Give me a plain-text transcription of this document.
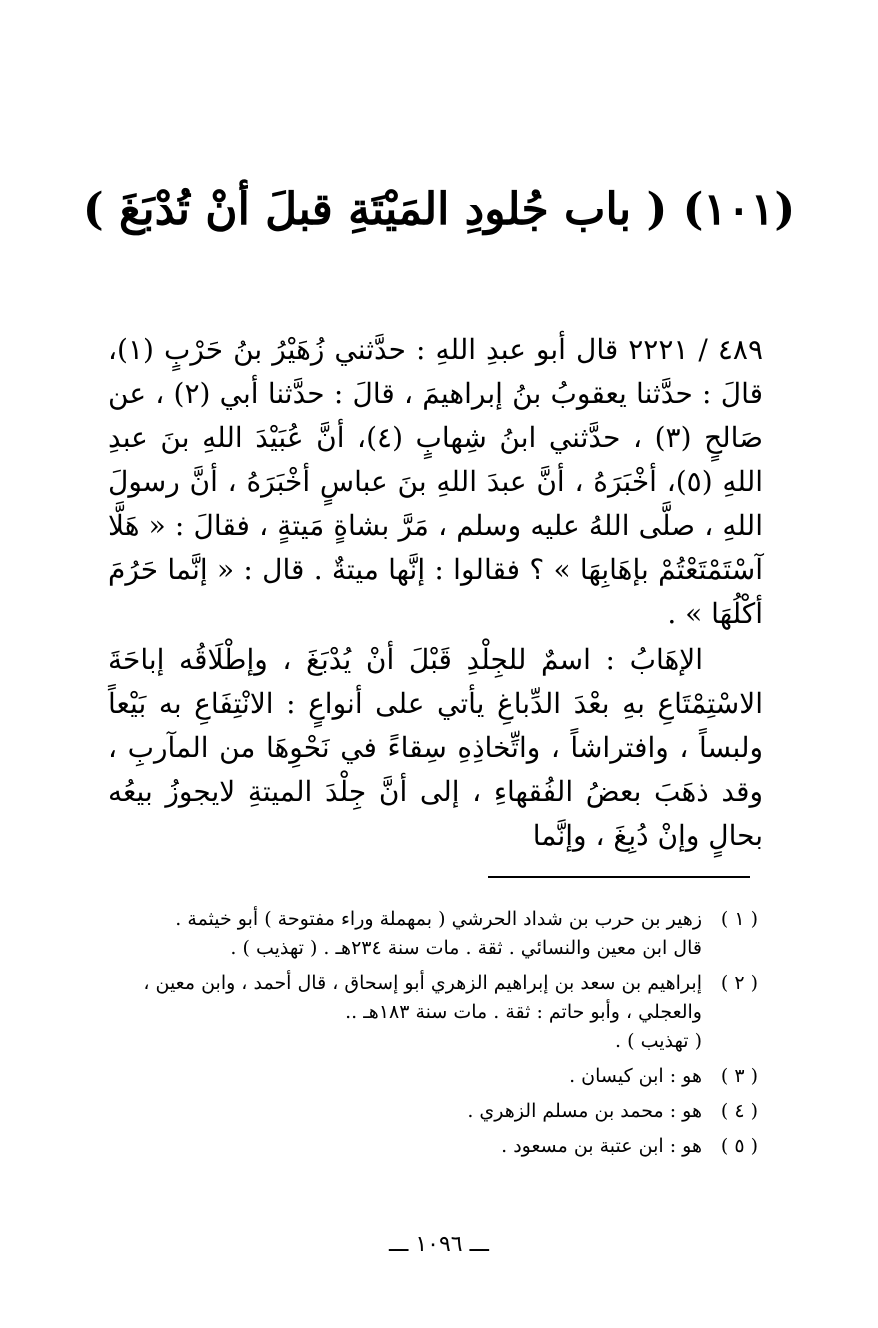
(١٠١) ( باب جُلودِ المَيْتَةِ قبلَ أنْ تُدْبَغَ )

٤٨٩ / ٢٢٢١ قال أبو عبدِ اللهِ : حدَّثني زُهَيْرُ بنُ حَرْبٍ (١)، قالَ : حدَّثنا يعقوبُ بنُ إبراهيمَ ، قالَ : حدَّثنا أبي (٢) ، عن صَالحٍ (٣) ، حدَّثني ابنُ شِهابٍ (٤)، أنَّ عُبَيْدَ اللهِ بنَ عبدِ اللهِ (٥)، أخْبَرَهُ ، أنَّ عبدَ اللهِ بنَ عباسٍ أخْبَرَهُ ، أنَّ رسولَ اللهِ ، صلَّى اللهُ عليه وسلم ، مَرَّ بشاةٍ مَيتةٍ ، فقالَ : « هَلَّا آسْتَمْتَعْتُمْ بإهَابِهَا » ؟ فقالوا : إنَّها ميتةٌ . قال : « إنَّما حَرُمَ أكْلُهَا » .

الإهَابُ : اسمٌ للجِلْدِ قَبْلَ أنْ يُدْبَغَ ، وإطْلَاقُه إباحَةَ الاسْتِمْتَاعِ بهِ بعْدَ الدِّباغِ يأتي على أنواعٍ : الانْتِفَاعِ به بَيْعاً ولبساً ، وافتراشاً ، واتِّخاذِهِ سِقاءً في نَحْوِهَا من المآربِ ، وقد ذهَبَ بعضُ الفُقهاءِ ، إلى أنَّ جِلْدَ الميتةِ لايجوزُ بيعُه بحالٍ وإنْ دُبِغَ ، وإنَّما

( ١ )
زهير بن حرب بن شداد الحرشي ( بمهملة وراء مفتوحة ) أبو خيثمة .
قال ابن معين والنسائي . ثقة . مات سنة ٢٣٤هـ . ( تهذيب ) .
( ٢ )
إبراهيم بن سعد بن إبراهيم الزهري أبو إسحاق ، قال أحمد ، وابن معين ،
والعجلي ، وأبو حاتم : ثقة . مات سنة ١٨٣هـ ..
( تهذيب ) .
( ٣ )
هو : ابن كيسان .
( ٤ )
هو : محمد بن مسلم الزهري .
( ٥ )
هو : ابن عتبة بن مسعود .
ـــ ١٠٩٦ ـــ
